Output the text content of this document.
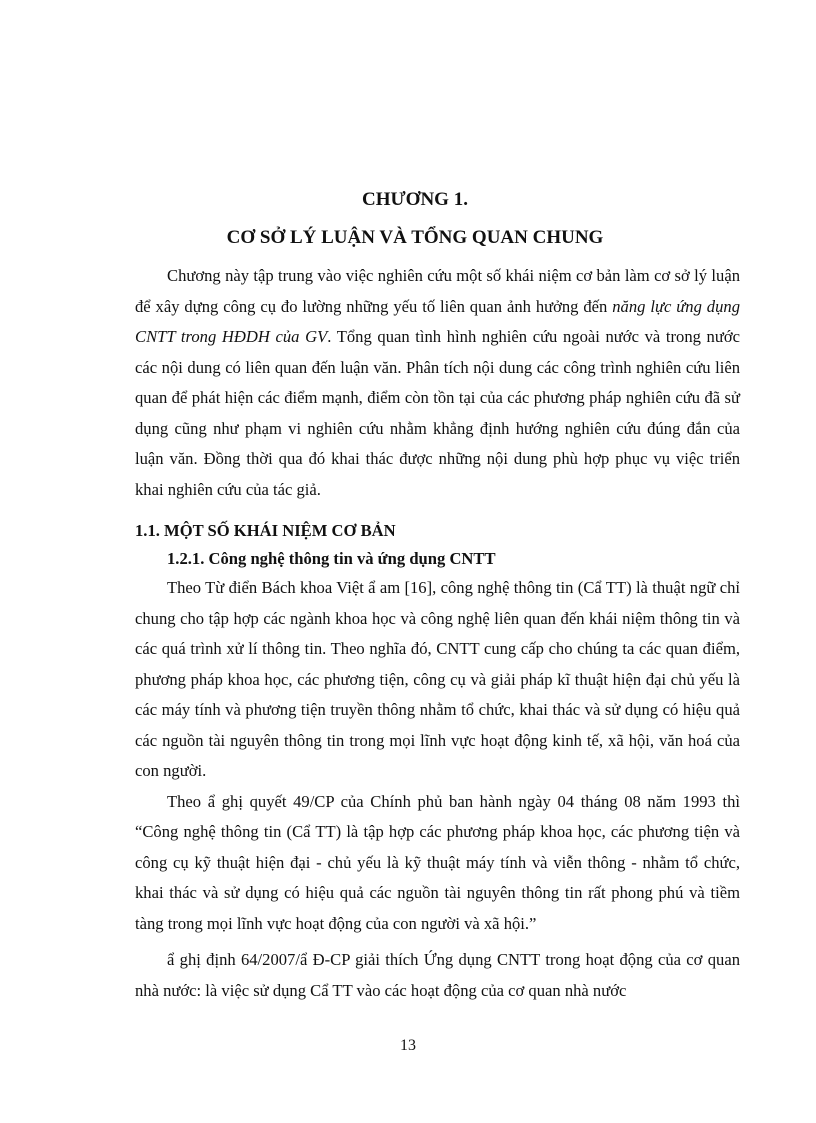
CHƯƠNG 1.
CƠ SỞ LÝ LUẬN VÀ TỔNG QUAN CHUNG

Chương này tập trung vào việc nghiên cứu một số khái niệm cơ bản làm cơ sở lý luận để xây dựng công cụ đo lường những yếu tố liên quan ảnh hưởng đến năng lực ứng dụng CNTT trong HĐDH của GV. Tổng quan tình hình nghiên cứu ngoài nước và trong nước các nội dung có liên quan đến luận văn. Phân tích nội dung các công trình nghiên cứu liên quan để phát hiện các điểm mạnh, điểm còn tồn tại của các phương pháp nghiên cứu đã sử dụng cũng như phạm vi nghiên cứu nhằm khẳng định hướng nghiên cứu đúng đắn của luận văn. Đồng thời qua đó khai thác được những nội dung phù hợp phục vụ việc triển khai nghiên cứu của tác giả.

1.1. MỘT SỐ KHÁI NIỆM CƠ BẢN
1.2.1. Công nghệ thông tin và ứng dụng CNTT

Theo Từ điển Bách khoa Việt ẩ am [16], công nghệ thông tin (Cẩ TT) là thuật ngữ chỉ chung cho tập hợp các ngành khoa học và công nghệ liên quan đến khái niệm thông tin và các quá trình xử lí thông tin. Theo nghĩa đó, CNTT cung cấp cho chúng ta các quan điểm, phương pháp khoa học, các phương tiện, công cụ và giải pháp kĩ thuật hiện đại chủ yếu là các máy tính và phương tiện truyền thông nhằm tổ chức, khai thác và sử dụng có hiệu quả các nguồn tài nguyên thông tin trong mọi lĩnh vực hoạt động kinh tế, xã hội, văn hoá của con người.

Theo ẩ ghị quyết 49/CP của Chính phủ ban hành ngày 04 tháng 08 năm 1993 thì “Công nghệ thông tin (Cẩ TT) là tập hợp các phương pháp khoa học, các phương tiện và công cụ kỹ thuật hiện đại - chủ yếu là kỹ thuật máy tính và viễn thông - nhằm tổ chức, khai thác và sử dụng có hiệu quả các nguồn tài nguyên thông tin rất phong phú và tiềm tàng trong mọi lĩnh vực hoạt động của con người và xã hội.”

ẩ ghị định 64/2007/ẩ Đ-CP giải thích Ứng dụng CNTT trong hoạt động của cơ quan nhà nước: là việc sử dụng Cẩ TT vào các hoạt động của cơ quan nhà nước

13
